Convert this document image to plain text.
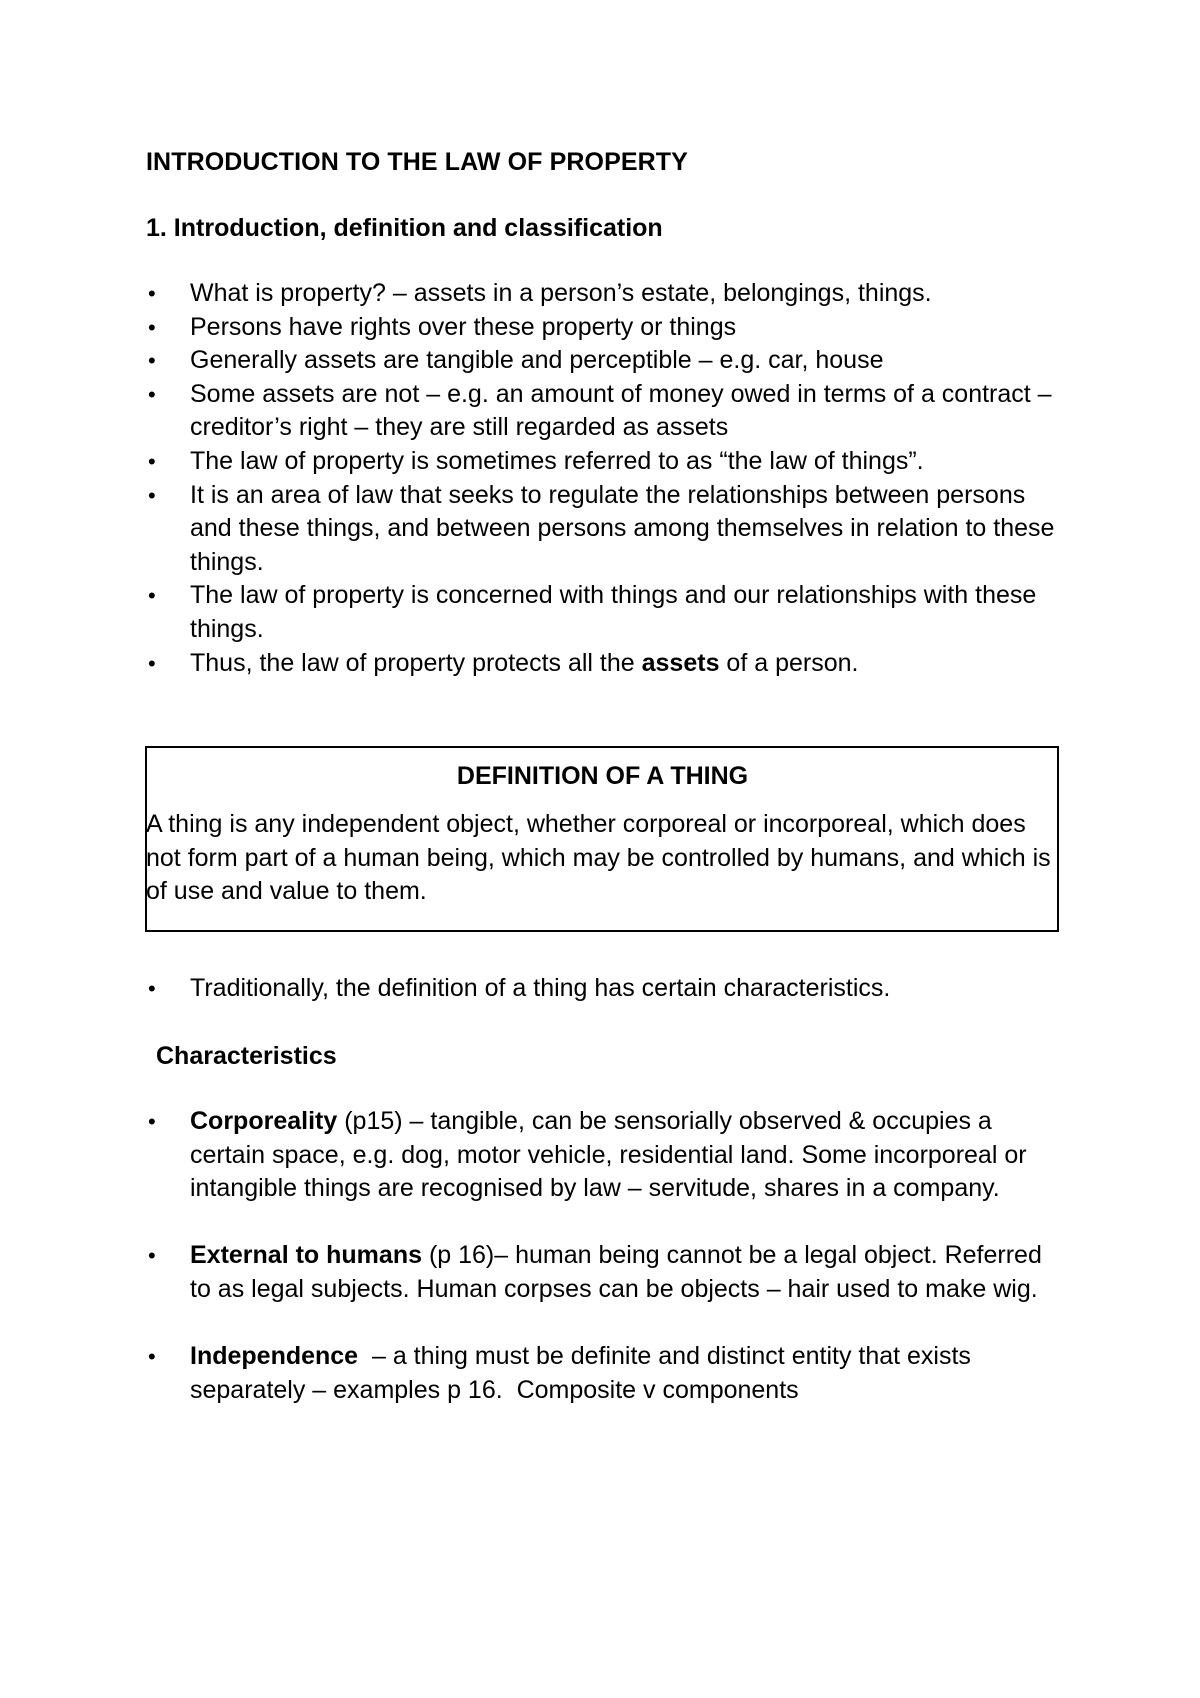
INTRODUCTION TO THE LAW OF PROPERTY
1. Introduction, definition and classification
• What is property? – assets in a person’s estate, belongings, things.
• Persons have rights over these property or things
• Generally assets are tangible and perceptible – e.g. car, house
• Some assets are not – e.g. an amount of money owed in terms of a contract – creditor’s right – they are still regarded as assets
• The law of property is sometimes referred to as “the law of things”.
• It is an area of law that seeks to regulate the relationships between persons and these things, and between persons among themselves in relation to these things.
• The law of property is concerned with things and our relationships with these things.
• Thus, the law of property protects all the assets of a person.
DEFINITION OF A THING
A thing is any independent object, whether corporeal or incorporeal, which does not form part of a human being, which may be controlled by humans, and which is of use and value to them.
• Traditionally, the definition of a thing has certain characteristics.
Characteristics
• Corporeality (p15) – tangible, can be sensorially observed & occupies a certain space, e.g. dog, motor vehicle, residential land. Some incorporeal or intangible things are recognised by law – servitude, shares in a company.
• External to humans (p 16)– human being cannot be a legal object. Referred to as legal subjects. Human corpses can be objects – hair used to make wig.
• Independence  – a thing must be definite and distinct entity that exists separately – examples p 16.  Composite v components
